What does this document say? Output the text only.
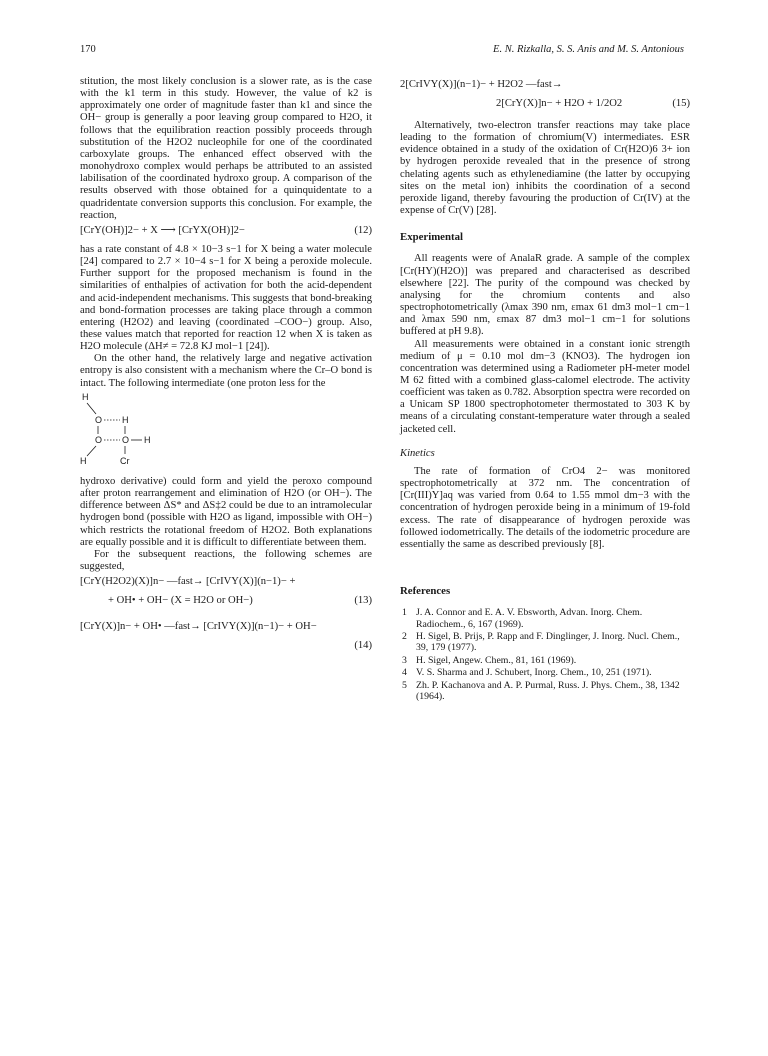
170	E. N. Rizkalla, S. S. Anis and M. S. Antonious

stitution, the most likely conclusion is a slower rate, as is the case with the k1 term in this study. However, the value of k2 is approximately one order of magnitude faster than k1 and since the OH− group is generally a poor leaving group compared to H2O, it follows that the equilibration reaction possibly proceeds through substitution of the H2O2 nucleophile for one of the coordinated carboxylate groups. The enhanced effect observed with the monohydroxo complex would perhaps be attributed to an assisted labilisation of the coordinated hydroxo group. A comparison of the results observed with those obtained for a quinquidentate to a quadridentate conversion supports this conclusion. For example, the reaction,

[CrY(OH)]2− + X ⟶ [CrYX(OH)]2−	(12)

has a rate constant of 4.8 × 10−3 s−1 for X being a water molecule [24] compared to 2.7 × 10−4 s−1 for X being a peroxide molecule. Further support for the proposed mechanism is found in the similarities of enthalpies of activation for both the acid-dependent and acid-independent mechanisms. This suggests that bond-breaking and bond-formation processes are taking place through a common entering (H2O2) and leaving (coordinated –COO−) group. Also, these values match that reported for reaction 12 when X is taken as H2O molecule (ΔH≠ = 72.8 KJ mol−1 [24]).

On the other hand, the relatively large and negative activation entropy is also consistent with a mechanism where the Cr–O bond is intact. The following intermediate (one proton less for the

H
O H
O O H
H	Cr

hydroxo derivative) could form and yield the peroxo compound after proton rearrangement and elimination of H2O (or OH−). The difference between ΔS* and ΔS‡2 could be due to an intramolecular hydrogen bond (possible with H2O as ligand, impossible with OH−) which restricts the rotational freedom of H2O2. Both explanations are equally possible and it is difficult to differentiate between them.

For the subsequent reactions, the following schemes are suggested,

[CrY(H2O2)(X)]n− —fast→ [CrIVY(X)](n−1)− +
+ OH• + OH− (X = H2O or OH−)	(13)
[CrY(X)]n− + OH• —fast→ [CrIVY(X)](n−1)− + OH−
(14)
2[CrIVY(X)](n−1)− + H2O2 —fast→
2[CrY(X)]n− + H2O + 1/2O2	(15)

Alternatively, two-electron transfer reactions may take place leading to the formation of chromium(V) intermediates. ESR evidence obtained in a study of the oxidation of Cr(H2O)6 3+ ion by hydrogen peroxide revealed that in the presence of strong chelating agents such as ethylenediamine (the latter by occupying sites on the metal ion) inhibits the coordination of a second peroxide ligand, thereby favouring the production of Cr(IV) at the expense of Cr(V) [28].

Experimental

All reagents were of AnalaR grade. A sample of the complex [Cr(HY)(H2O)] was prepared and characterised as described elsewhere [22]. The purity of the compound was checked by analysing for the chromium contents and also spectrophotometrically (λmax 390 nm, εmax 61 dm3 mol−1 cm−1 and λmax 590 nm, εmax 87 dm3 mol−1 cm−1 for solutions buffered at pH 9.8).

All measurements were obtained in a constant ionic strength medium of μ = 0.10 mol dm−3 (KNO3). The hydrogen ion concentration was determined using a Radiometer pH-meter model M 62 fitted with a combined glass-calomel electrode. The activity coefficient was taken as 0.782. Absorption spectra were recorded on a Unicam SP 1800 spectrophotometer thermostated to 303 K by means of a circulating constant-temperature water through a sealed jacketed cell.

Kinetics

The rate of formation of CrO4 2− was monitored spectrophotometrically at 372 nm. The concentration of [Cr(III)Y]aq was varied from 0.64 to 1.55 mmol dm−3 with the concentration of hydrogen peroxide being in a minimum of 19-fold excess. The rate of disappearance of hydrogen peroxide was followed iodometrically. The details of the iodometric procedure are essentially the same as described previously [8].

References
1 J. A. Connor and E. A. V. Ebsworth, Advan. Inorg. Chem. Radiochem., 6, 167 (1969).
2 H. Sigel, B. Prijs, P. Rapp and F. Dinglinger, J. Inorg. Nucl. Chem., 39, 179 (1977).
3 H. Sigel, Angew. Chem., 81, 161 (1969).
4 V. S. Sharma and J. Schubert, Inorg. Chem., 10, 251 (1971).
5 Zh. P. Kachanova and A. P. Purmal, Russ. J. Phys. Chem., 38, 1342 (1964).
